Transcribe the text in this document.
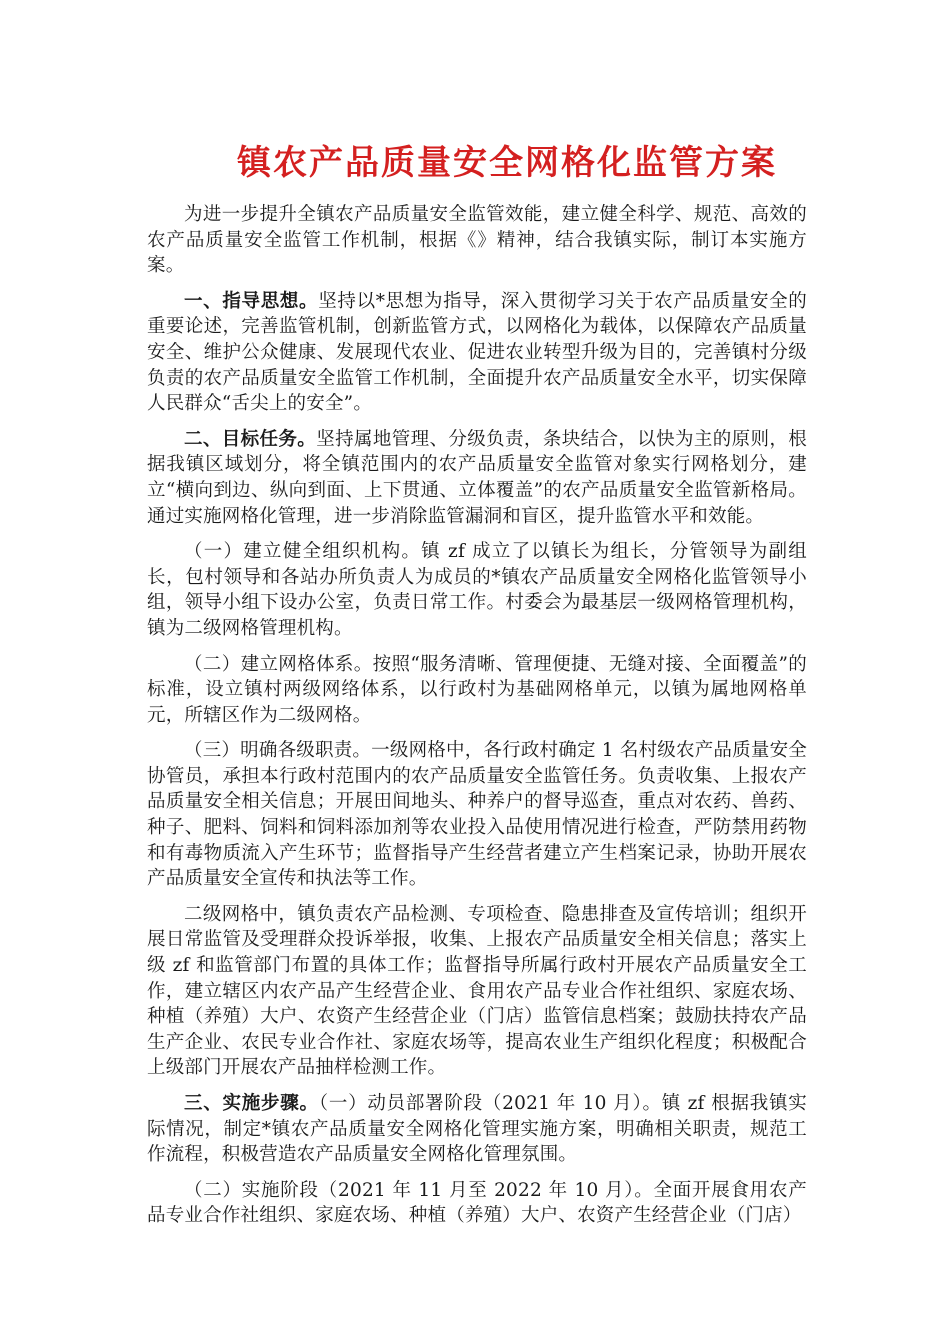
镇农产品质量安全网格化监管方案

为进一步提升全镇农产品质量安全监管效能，建立健全科学、规范、高效的农产品质量安全监管工作机制，根据《》精神，结合我镇实际，制订本实施方案。

一、指导思想。坚持以*思想为指导，深入贯彻学习关于农产品质量安全的重要论述，完善监管机制，创新监管方式，以网格化为载体，以保障农产品质量安全、维护公众健康、发展现代农业、促进农业转型升级为目的，完善镇村分级负责的农产品质量安全监管工作机制，全面提升农产品质量安全水平，切实保障人民群众“舌尖上的安全”。

二、目标任务。坚持属地管理、分级负责，条块结合，以快为主的原则，根据我镇区域划分，将全镇范围内的农产品质量安全监管对象实行网格划分，建立“横向到边、纵向到面、上下贯通、立体覆盖”的农产品质量安全监管新格局。通过实施网格化管理，进一步消除监管漏洞和盲区，提升监管水平和效能。

（一）建立健全组织机构。镇 zf 成立了以镇长为组长，分管领导为副组长，包村领导和各站办所负责人为成员的*镇农产品质量安全网格化监管领导小组，领导小组下设办公室，负责日常工作。村委会为最基层一级网格管理机构，镇为二级网格管理机构。

（二）建立网格体系。按照“服务清晰、管理便捷、无缝对接、全面覆盖”的标准，设立镇村两级网络体系，以行政村为基础网格单元，以镇为属地网格单元，所辖区作为二级网格。

（三）明确各级职责。一级网格中，各行政村确定 1 名村级农产品质量安全协管员，承担本行政村范围内的农产品质量安全监管任务。负责收集、上报农产品质量安全相关信息；开展田间地头、种养户的督导巡查，重点对农药、兽药、种子、肥料、饲料和饲料添加剂等农业投入品使用情况进行检查，严防禁用药物和有毒物质流入产生环节；监督指导产生经营者建立产生档案记录，协助开展农产品质量安全宣传和执法等工作。

二级网格中，镇负责农产品检测、专项检查、隐患排查及宣传培训；组织开展日常监管及受理群众投诉举报，收集、上报农产品质量安全相关信息；落实上级 zf 和监管部门布置的具体工作；监督指导所属行政村开展农产品质量安全工作，建立辖区内农产品产生经营企业、食用农产品专业合作社组织、家庭农场、种植（养殖）大户、农资产生经营企业（门店）监管信息档案；鼓励扶持农产品生产企业、农民专业合作社、家庭农场等，提高农业生产组织化程度；积极配合上级部门开展农产品抽样检测工作。

三、实施步骤。（一）动员部署阶段（2021 年 10 月）。镇 zf 根据我镇实际情况，制定*镇农产品质量安全网格化管理实施方案，明确相关职责，规范工作流程，积极营造农产品质量安全网格化管理氛围。

（二）实施阶段（2021 年 11 月至 2022 年 10 月）。全面开展食用农产品专业合作社组织、家庭农场、种植（养殖）大户、农资产生经营企业（门店）
